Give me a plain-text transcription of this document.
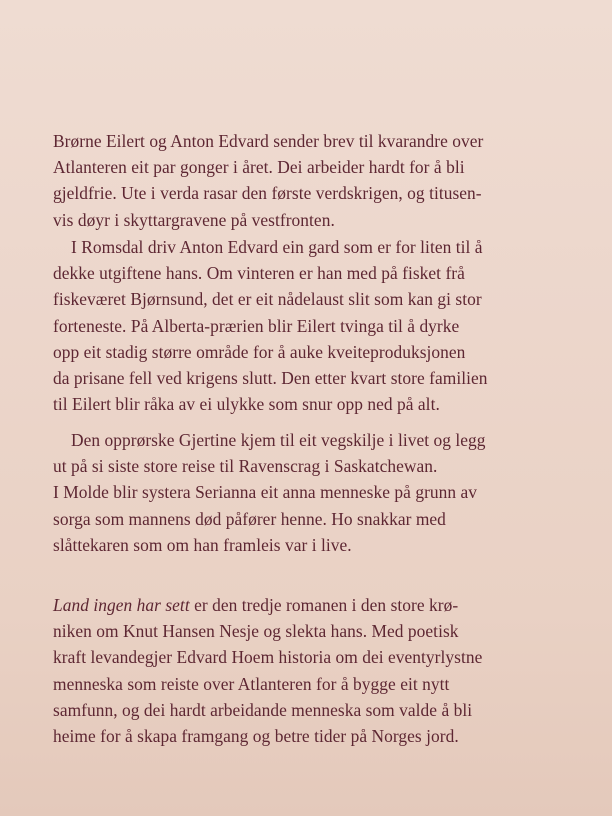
Brørne Eilert og Anton Edvard sender brev til kvarandre over
Atlanteren eit par gonger i året. Dei arbeider hardt for å bli
gjeldfrie. Ute i verda rasar den første verdskrigen, og titusen-
vis døyr i skyttargravene på vestfronten.

I Romsdal driv Anton Edvard ein gard som er for liten til å
dekke utgiftene hans. Om vinteren er han med på fisket frå
fiskeværet Bjørnsund, det er eit nådelaust slit som kan gi stor
forteneste. På Alberta-prærien blir Eilert tvinga til å dyrke
opp eit stadig større område for å auke kveiteproduksjonen
da prisane fell ved krigens slutt. Den etter kvart store familien
til Eilert blir råka av ei ulykke som snur opp ned på alt.

Den opprørske Gjertine kjem til eit vegskilje i livet og legg
ut på si siste store reise til Ravenscrag i Saskatchewan.
I Molde blir systera Serianna eit anna menneske på grunn av
sorga som mannens død påfører henne. Ho snakkar med
slåttekaren som om han framleis var i live.

Land ingen har sett er den tredje romanen i den store krø-
niken om Knut Hansen Nesje og slekta hans. Med poetisk
kraft levandegjer Edvard Hoem historia om dei eventyrlystne
menneska som reiste over Atlanteren for å bygge eit nytt
samfunn, og dei hardt arbeidande menneska som valde å bli
heime for å skapa framgang og betre tider på Norges jord.
